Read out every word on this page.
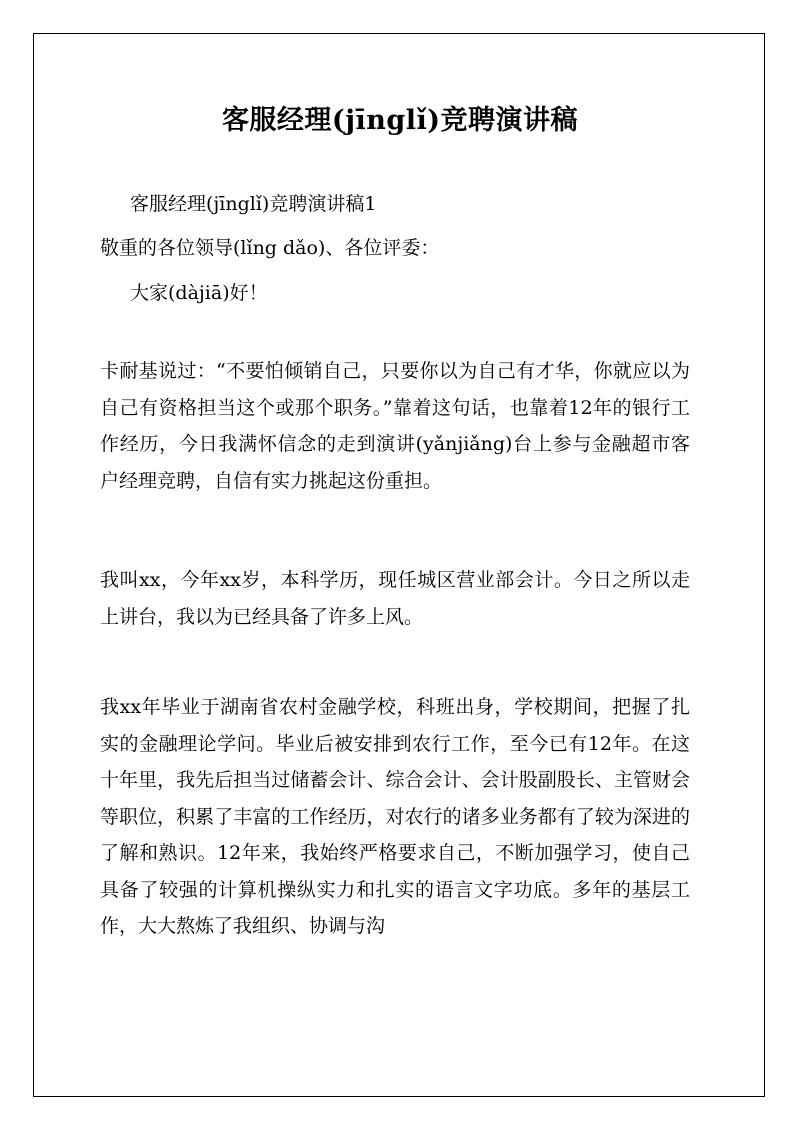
客服经理(jīnglǐ)竞聘演讲稿
客服经理(jīnglǐ)竞聘演讲稿1
敬重的各位领导(lǐng dǎo)、各位评委：
大家(dàjiā)好！
卡耐基说过：“不要怕倾销自己，只要你以为自己有才华，你就应以为自己有资格担当这个或那个职务。”靠着这句话，也靠着12年的银行工作经历，今日我满怀信念的走到演讲(yǎnjiǎng)台上参与金融超市客户经理竞聘，自信有实力挑起这份重担。
我叫xx，今年xx岁，本科学历，现任城区营业部会计。今日之所以走上讲台，我以为已经具备了许多上风。
我xx年毕业于湖南省农村金融学校，科班出身，学校期间，把握了扎实的金融理论学问。毕业后被安排到农行工作，至今已有12年。在这十年里，我先后担当过储蓄会计、综合会计、会计股副股长、主管财会等职位，积累了丰富的工作经历，对农行的诸多业务都有了较为深进的了解和熟识。12年来，我始终严格要求自己，不断加强学习，使自己具备了较强的计算机操纵实力和扎实的语言文字功底。多年的基层工作，大大熬炼了我组织、协调与沟
